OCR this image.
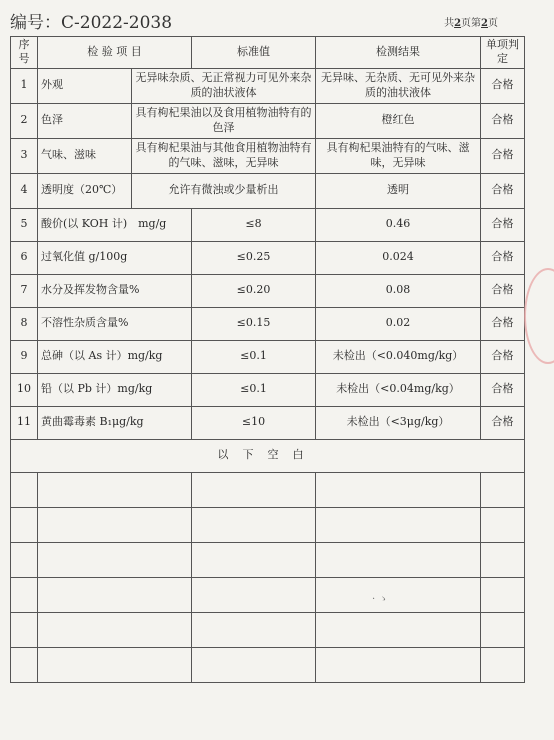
编号：C-2022-2038	共2页第2页
序号	检 验 项 目		标准值	检测结果	单项判定
1	外观	无异味杂质、无正常视力可见外来杂质的油状液体		无异味、无杂质、无可见外来杂质的油状液体	合格
2	色泽	具有枸杞果油以及食用植物油特有的色泽		橙红色	合格
3	气味、滋味	具有枸杞果油与其他食用植物油特有的气味、滋味，无异味		具有枸杞果油特有的气味、滋味，无异味	合格
4	透明度（20℃）	允许有微浊或少量析出		透明	合格
5	酸价(以 KOH 计)　mg/g		≤8	0.46	合格
6	过氧化值 g/100g		≤0.25	0.024	合格
7	水分及挥发物含量%		≤0.20	0.08	合格
8	不溶性杂质含量%		≤0.15	0.02	合格
9	总砷（以 As 计）mg/kg		≤0.1	未检出（<0.040mg/kg）	合格
10	铅（以 Pb 计）mg/kg		≤0.1	未检出（<0.04mg/kg）	合格
11	黄曲霉毒素 B₁μg/kg		≤10	未检出（<3μg/kg）	合格
以下空白					

· ゝ
